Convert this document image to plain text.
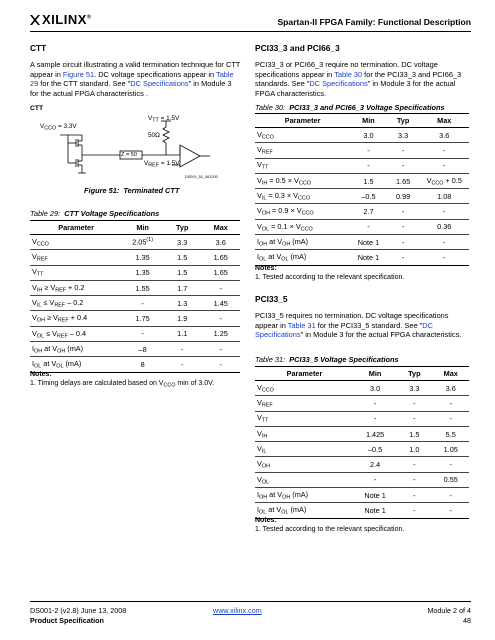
XILINX®	Spartan-II FPGA Family: Functional Description
CTT

A sample circuit illustrating a valid termination technique for CTT appear in Figure 51. DC voltage specifications appear in Table 29 for the CTT standard. See "DC Specifications" in Module 3 for the actual FPGA characteristics .

CTT
$V_{CCO} = 3.3V$
$V_{TT} = 1.5V$
50Ω
Z = 50
$V_{REF} = 1.5V$
DS001_51_061200
Figure 51: Terminated CTT
Table 29: CTT Voltage Specifications
Parameter	Min	Typ	Max
$V_{CCO}$	2.05$^{(1)}$	3.3	3.6
$V_{REF}$	1.35	1.5	1.65
$V_{TT}$	1.35	1.5	1.65
$V_{IH} \ge V_{REF} + 0.2$	1.55	1.7	-
$V_{IL} \le V_{REF} - 0.2$	-	1.3	1.45
$V_{OH} \ge V_{REF} + 0.4$	1.75	1.9	-
$V_{OL} \le V_{REF} - 0.4$	-	1.1	1.25
$I_{OH}$ at $V_{OH}$ (mA)	–8	-	-
$I_{OL}$ at $V_{OL}$ (mA)	8	-	-
Notes:
1. Timing delays are calculated based on $V_{CCO}$ min of 3.0V.
PCI33_3 and PCI66_3

PCI33_3 or PCI66_3 require no termination. DC voltage specifications appear in Table 30 for the PCI33_3 and PCI66_3 standards. See "DC Specifications" in Module 3 for the actual FPGA characteristics.

Table 30: PCI33_3 and PCI66_3 Voltage Specifications
Parameter	Min	Typ	Max
$V_{CCO}$	3.0	3.3	3.6
$V_{REF}$	-	-	-
$V_{TT}$	-	-	-
$V_{IH} = 0.5 \times V_{CCO}$	1.5	1.65	$V_{CCO} + 0.5$
$V_{IL} = 0.3 \times V_{CCO}$	–0.5	0.99	1.08
$V_{OH} = 0.9 \times V_{CCO}$	2.7	-	-
$V_{OL} = 0.1 \times V_{CCO}$	-	-	0.36
$I_{OH}$ at $V_{OH}$ (mA)	Note 1	-	-
$I_{OL}$ at $V_{OL}$ (mA)	Note 1	-	-
Notes:
1. Tested according to the relevant specification.
PCI33_5

PCI33_5 requires no termination. DC voltage specifications appear in Table 31 for the PCI33_5 standard. See "DC Specifications" in Module 3 for the actual FPGA characteristics.

Table 31: PCI33_5 Voltage Specifications
Parameter	Min	Typ	Max
$V_{CCO}$	3.0	3.3	3.6
$V_{REF}$	-	-	-
$V_{TT}$	-	-	-
$V_{IH}$	1.425	1.5	5.5
$V_{IL}$	–0.5	1.0	1.05
$V_{OH}$	2.4	-	-
$V_{OL}$	-	-	0.55
$I_{OH}$ at $V_{OH}$ (mA)	Note 1	-	-
$I_{OL}$ at $V_{OL}$ (mA)	Note 1	-	-
Notes:
1. Tested according to the relevant specification.
DS001-2 (v2.8) June 13, 2008
Product Specification
www.xilinx.com	Module 2 of 4
48
